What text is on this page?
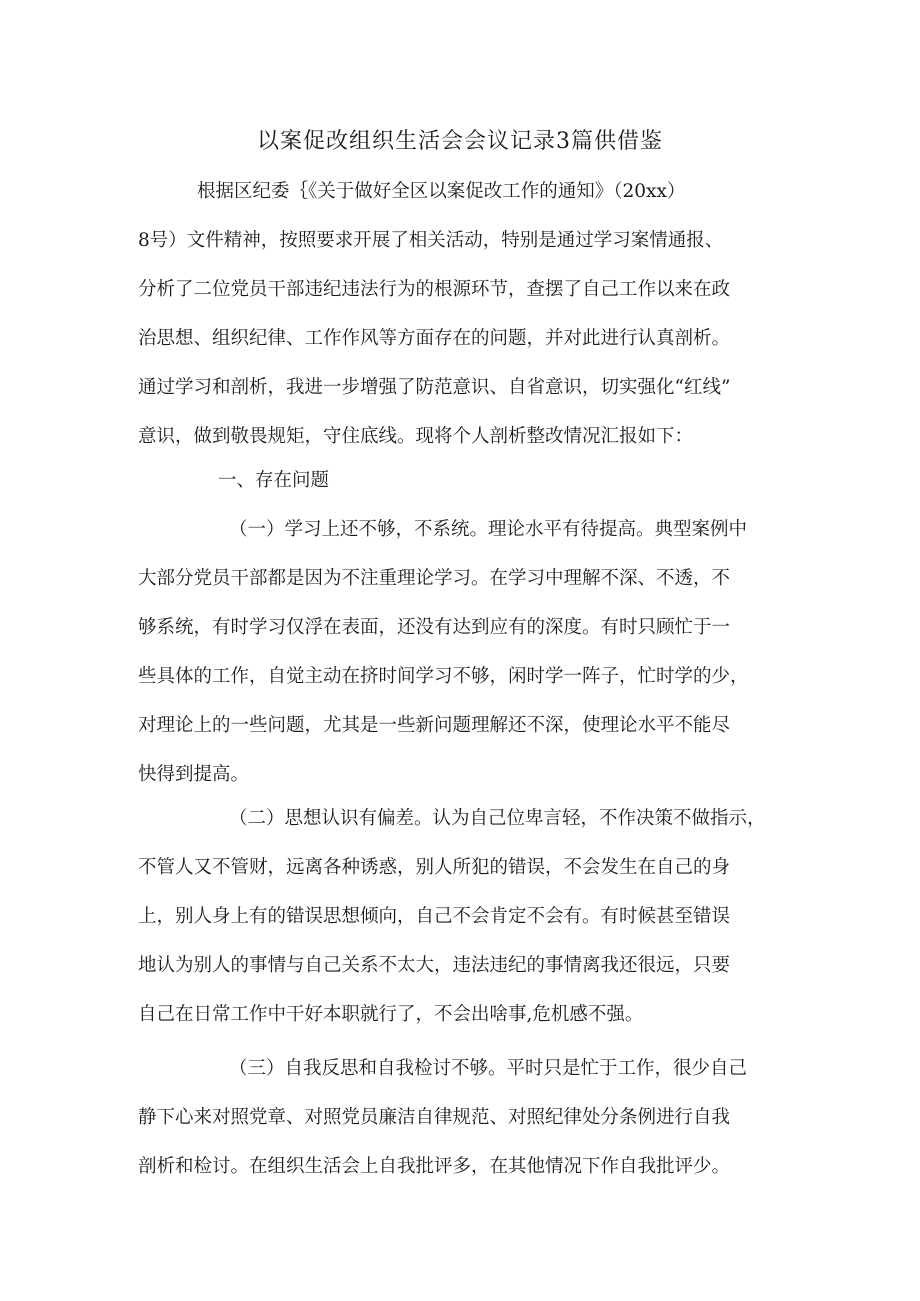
以案促改组织生活会会议记录3篇供借鉴

根据区纪委｛《关于做好全区以案促改工作的通知》（20xx）

8号）文件精神，按照要求开展了相关活动，特别是通过学习案情通报、

分析了二位党员干部违纪违法行为的根源环节，查摆了自己工作以来在政

治思想、组织纪律、工作作风等方面存在的问题，并对此进行认真剖析。

通过学习和剖析，我进一步增强了防范意识、自省意识，切实强化“红线”

意识，做到敬畏规矩，守住底线。现将个人剖析整改情况汇报如下：

一、存在问题

（一）学习上还不够，不系统。理论水平有待提高。典型案例中

大部分党员干部都是因为不注重理论学习。在学习中理解不深、不透，不

够系统，有时学习仅浮在表面，还没有达到应有的深度。有时只顾忙于一

些具体的工作，自觉主动在挤时间学习不够，闲时学一阵子，忙时学的少，

对理论上的一些问题，尤其是一些新问题理解还不深，使理论水平不能尽

快得到提高。

（二）思想认识有偏差。认为自己位卑言轻，不作决策不做指示，

不管人又不管财，远离各种诱惑，别人所犯的错误，不会发生在自己的身

上，别人身上有的错误思想倾向，自己不会肯定不会有。有时候甚至错误

地认为别人的事情与自己关系不太大，违法违纪的事情离我还很远，只要

自己在日常工作中干好本职就行了，不会出啥事,危机感不强。

（三）自我反思和自我检讨不够。平时只是忙于工作，很少自己

静下心来对照党章、对照党员廉洁自律规范、对照纪律处分条例进行自我

剖析和检讨。在组织生活会上自我批评多，在其他情况下作自我批评少。
